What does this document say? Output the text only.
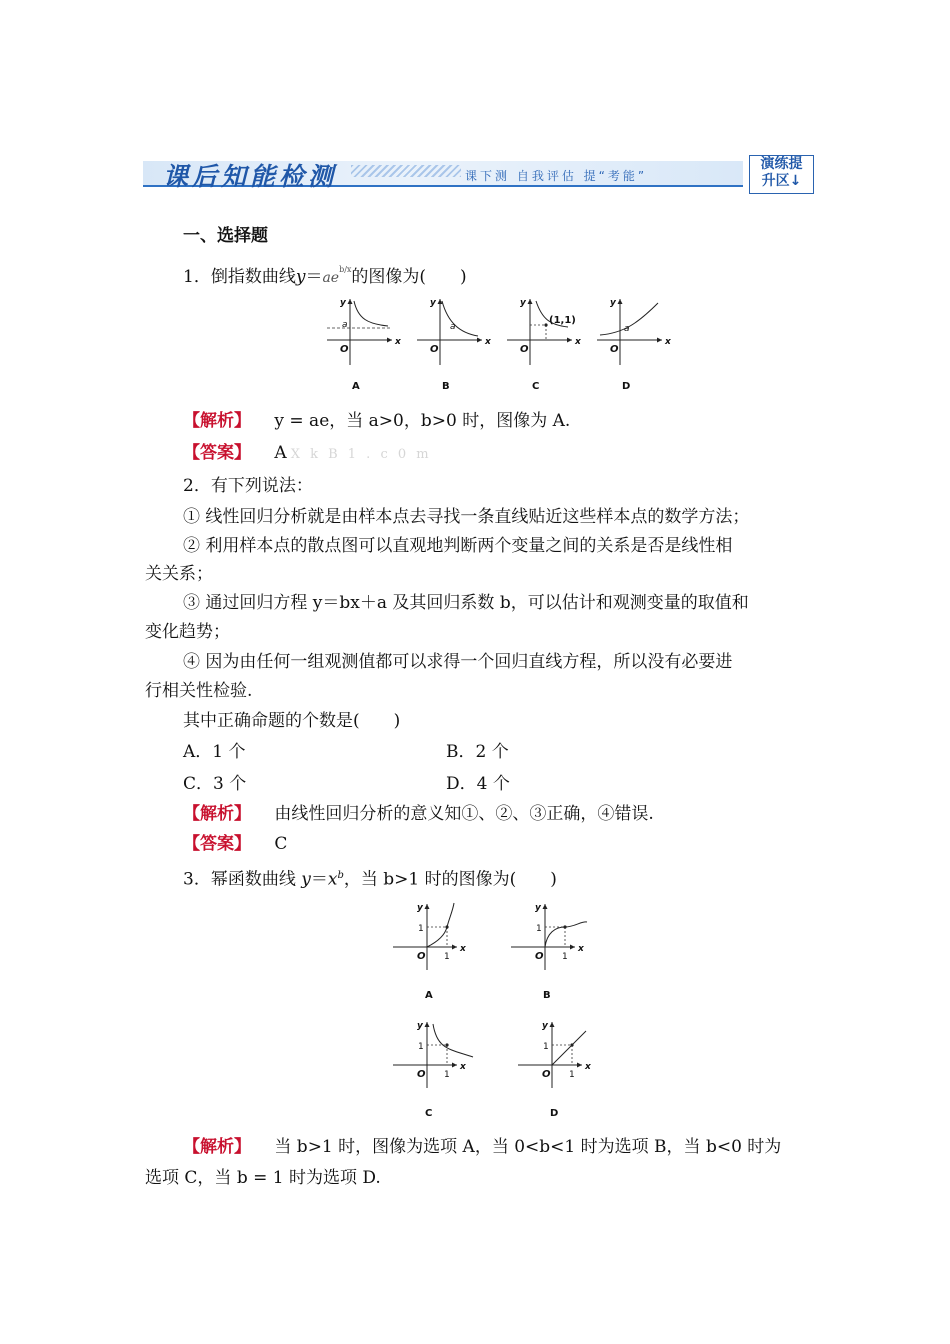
课后知能检测	课下测 自我评估 提“考能”
演练提
升区↓
一、选择题
1．倒指数曲线$y=ae^{b/x}$的图像为(　　)
x
y
O
a
A
x
y
O
a
B
x
y
O
(1,1)
C
x
y
O
a
D
【解析】 y = ae，当 a>0，b>0 时，图像为 A.
【答案】 A X k B 1 . c 0 m
2．有下列说法：
① 线性回归分析就是由样本点去寻找一条直线贴近这些样本点的数学方法；
② 利用样本点的散点图可以直观地判断两个变量之间的关系是否是线性相
关关系；
③ 通过回归方程 y＝bx＋a 及其回归系数 b，可以估计和观测变量的取值和
变化趋势；
④ 因为由任何一组观测值都可以求得一个回归直线方程，所以没有必要进
行相关性检验.
其中正确命题的个数是(　　)
A．1 个	B．2 个
C．3 个	D．4 个
【解析】 由线性回归分析的意义知①、②、③正确，④错误.
【答案】 C
3．幂函数曲线 $y=x^b$，当 b>1 时的图像为(　　)
x
y
O
1
1
A
x
y
O
1
1
B
x
y
O
1
1
C
x
y
O
1
1
D
【解析】 当 b>1 时，图像为选项 A，当 0<b<1 时为选项 B，当 b<0 时为
选项 C，当 b = 1 时为选项 D.
